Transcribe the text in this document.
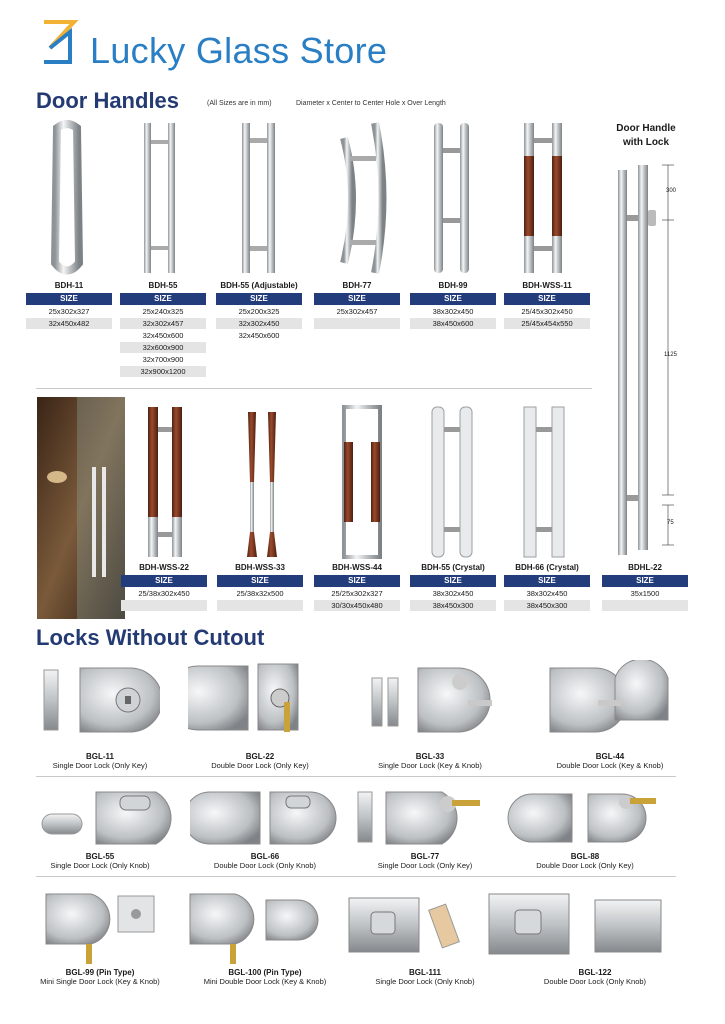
Lucky Glass Store
Door Handles	(All Sizes are in mm)	Diameter x Center to Center Hole x Over Length
BDH-11
SIZE
25x302x327
32x450x482
BDH-55
SIZE
25x240x325
32x302x457
32x450x600
32x600x900
32x700x900
32x900x1200
BDH-55 (Adjustable)
SIZE
25x200x325
32x302x450
32x450x600
BDH-77
SIZE
25x302x457
BDH-99
SIZE
38x302x450
38x450x600
BDH-WSS-11
SIZE
25/45x302x450
25/45x454x550
Door Handle
with Lock
300
1125
75
BDH-WSS-22
SIZE
25/38x302x450
BDH-WSS-33
SIZE
25/38x32x500
BDH-WSS-44
SIZE
25/25x302x327
30/30x450x480
BDH-55 (Crystal)
SIZE
38x302x450
38x450x300
BDH-66 (Crystal)
SIZE
38x302x450
38x450x300
BDHL-22
SIZE
35x1500
Locks Without Cutout
BGL-11
Single Door Lock (Only Key)
BGL-22
Double Door Lock (Only Key)
BGL-33
Single Door Lock (Key & Knob)
BGL-44
Double Door Lock (Key & Knob)
BGL-55
Single Door Lock (Only Knob)
BGL-66
Double Door Lock (Only Knob)
BGL-77
Single Door Lock (Only Key)
BGL-88
Double Door Lock (Only Key)
BGL-99 (Pin Type)
Mini Single Door Lock (Key & Knob)
BGL-100 (Pin Type)
Mini Double Door Lock (Key & Knob)
BGL-111
Single Door Lock (Only Knob)
BGL-122
Double Door Lock (Only Knob)
